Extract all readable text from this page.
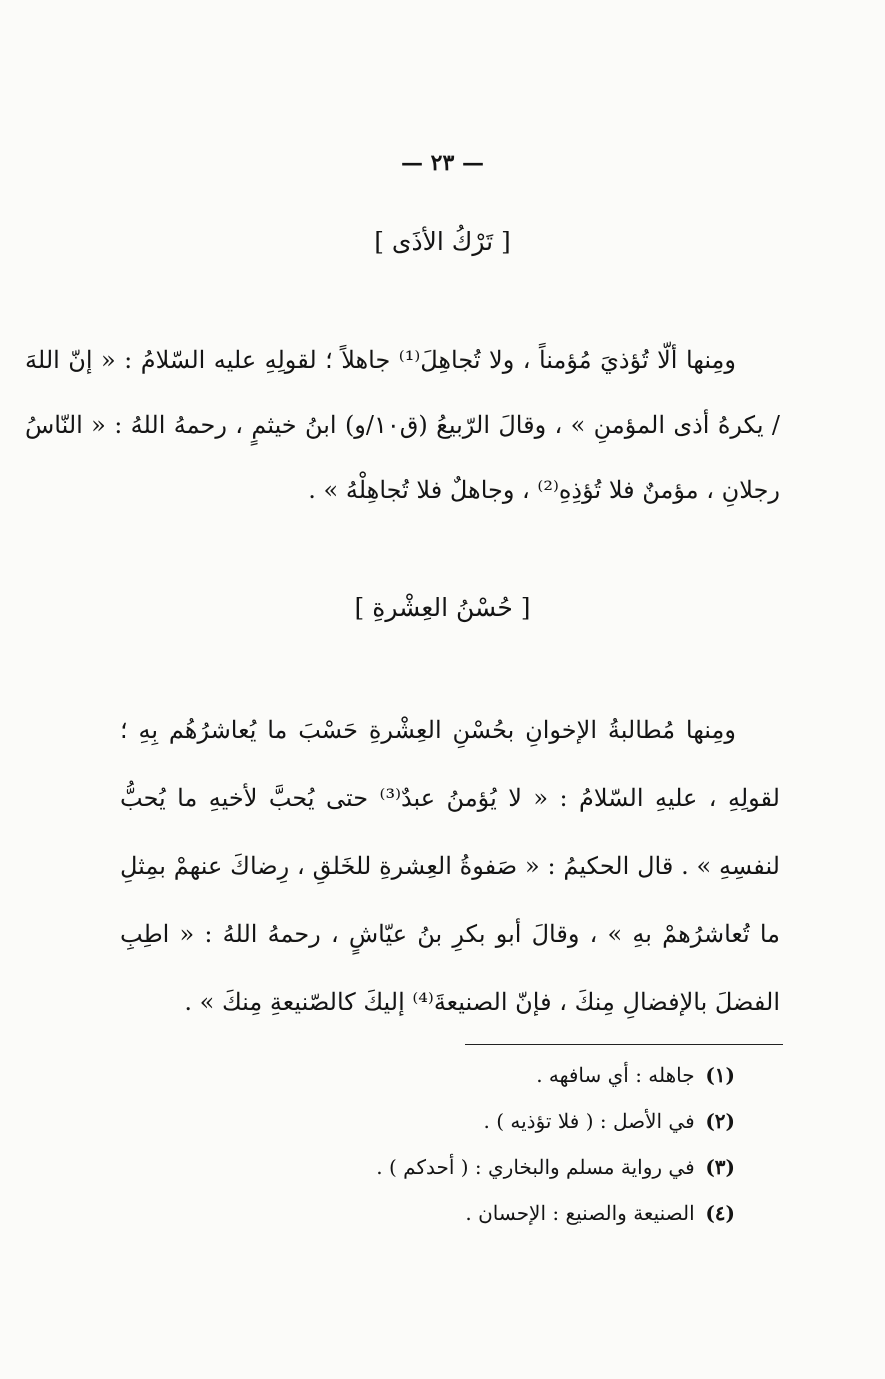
— ٢٣ —
[ تَرْكُ الأذَى ]

ومِنها ألّا تُؤذيَ مُؤمناً ، ولا تُجاهِلَ⁽¹⁾ جاهلاً ؛ لقولِهِ عليه السّلامُ : « إنّ اللهَ / يكرهُ أذى المؤمنِ » ، وقالَ الرّبيعُ (ق١٠/و) ابنُ خيثمٍ ، رحمهُ اللهُ : « النّاسُ رجلانِ ، مؤمنٌ فلا تُؤذِهِ⁽²⁾ ، وجاهلٌ فلا تُجاهِلْهُ » .

[ حُسْنُ العِشْرةِ ]

ومِنها مُطالبةُ الإخوانِ بحُسْنِ العِشْرةِ حَسْبَ ما يُعاشرُهُم بِهِ ؛ لقولِهِ ، عليهِ السّلامُ : « لا يُؤمنُ عبدٌ⁽³⁾ حتى يُحبَّ لأخيهِ ما يُحبُّ لنفسِهِ » . قال الحكيمُ : « صَفوةُ العِشرةِ للخَلقِ ، رِضاكَ عنهمْ بمِثلِ ما تُعاشرُهمْ بهِ » ، وقالَ أبو بكرِ بنُ عيّاشٍ ، رحمهُ اللهُ : « اطِبِ الفضلَ بالإفضالِ مِنكَ ، فإنّ الصنيعةَ⁽⁴⁾ إليكَ كالصّنيعةِ مِنكَ » .

(١) جاهله : أي سافهه .
(٢) في الأصل : ( فلا تؤذيه ) .
(٣) في رواية مسلم والبخاري : ( أحدكم ) .
(٤) الصنيعة والصنيع : الإحسان .
